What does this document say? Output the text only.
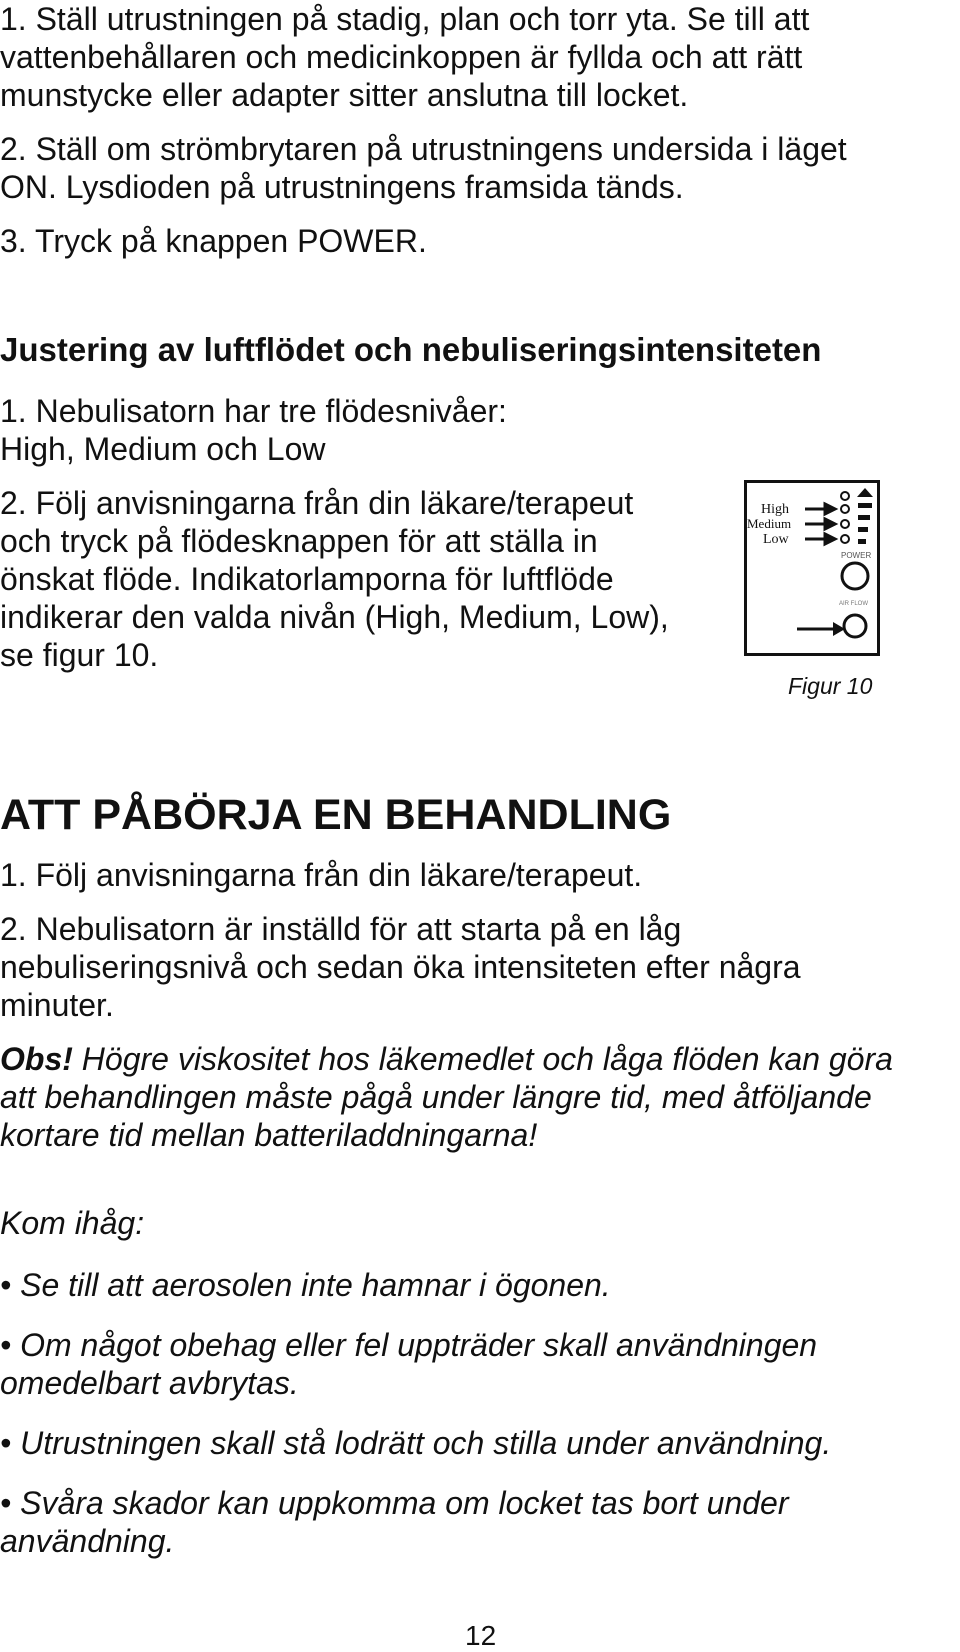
1. Ställ utrustningen på stadig, plan och torr yta. Se till att

vattenbehållaren och medicinkoppen är fyllda och att rätt

munstycke eller adapter sitter anslutna till locket.

2. Ställ om strömbrytaren på utrustningens undersida i läget

ON. Lysdioden på utrustningens framsida tänds.

3. Tryck på knappen POWER.

Justering av luftflödet och nebuliseringsintensiteten

1. Nebulisatorn har tre flödesnivåer:

High, Medium och Low

2. Följ anvisningarna från din läkare/terapeut

och tryck på flödesknappen för att ställa in

önskat flöde. Indikatorlamporna för luftflöde

indikerar den valda nivån (High, Medium, Low),

se figur 10.

High
Medium
Low
POWER
AIR FLOW
Figur 10
ATT PÅBÖRJA EN BEHANDLING

1. Följ anvisningarna från din läkare/terapeut.

2. Nebulisatorn är inställd för att starta på en låg

nebuliseringsnivå och sedan öka intensiteten efter några

minuter.

Obs! Högre viskositet hos läkemedlet och låga flöden kan göra

att behandlingen måste pågå under längre tid, med åtföljande

kortare tid mellan batteriladdningarna!

Kom ihåg:

• Se till att aerosolen inte hamnar i ögonen.

• Om något obehag eller fel uppträder skall användningen

omedelbart avbrytas.

• Utrustningen skall stå lodrätt och stilla under användning.

• Svåra skador kan uppkomma om locket tas bort under

användning.

12
